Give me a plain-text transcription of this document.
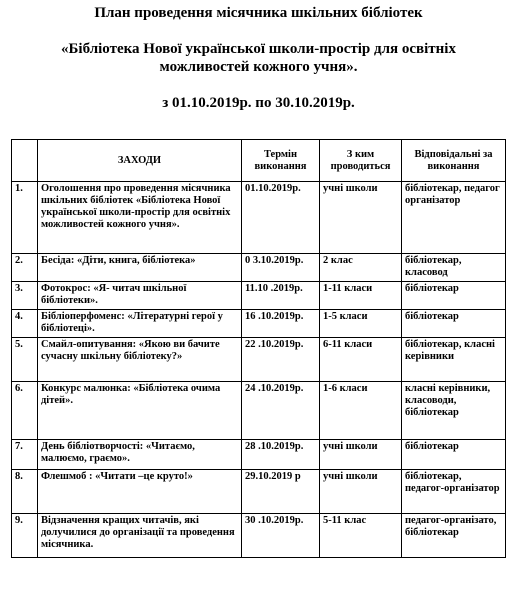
План проведення місячника шкільних бібліотек

«Бібліотека Нової української школи-простір для освітніх

можливостей кожного учня».

з 01.10.2019р. по 30.10.2019р.

	ЗАХОДИ	Термін виконання	З ким проводиться	Відповідальні за виконання
1.	Оголошення про проведення місячника шкільних бібліотек «Бібліотека Нової української школи-простір для освітніх можливостей кожного учня».	01.10.2019р.	учні школи	бібліотекар, педагог організатор
2.	Бесіда: «Діти, книга, бібліотека»	0 3.10.2019р.	2 клас	бібліотекар, класовод
3.	Фотокрос: «Я- читач шкільної бібліотеки».	11.10 .2019р.	1-11 класи	бібліотекар
4.	Бібліоперфоменс: «Літературні герої у бібліотеці».	16 .10.2019р.	1-5 класи	бібліотекар
5.	Смайл-опитування: «Якою ви бачите сучасну шкільну бібліотеку?»	22 .10.2019р.	6-11 класи	бібліотекар, класні керівники
6.	Конкурс малюнка: «Бібліотека очима дітей».	24 .10.2019р.	1-6 класи	класні керівники, класоводи, бібліотекар
7.	День бібліотворчості: «Читаємо, малюємо, граємо».	28 .10.2019р.	учні школи	бібліотекар
8.	Флешмоб : «Читати –це круто!»	29.10.2019 р	учні школи	бібліотекар, педагог-організатор
9.	Відзначення кращих читачів, які долучилися до організації та проведення місячника.	30 .10.2019р.	5-11 клас	педагог-організато, бібліотекар
